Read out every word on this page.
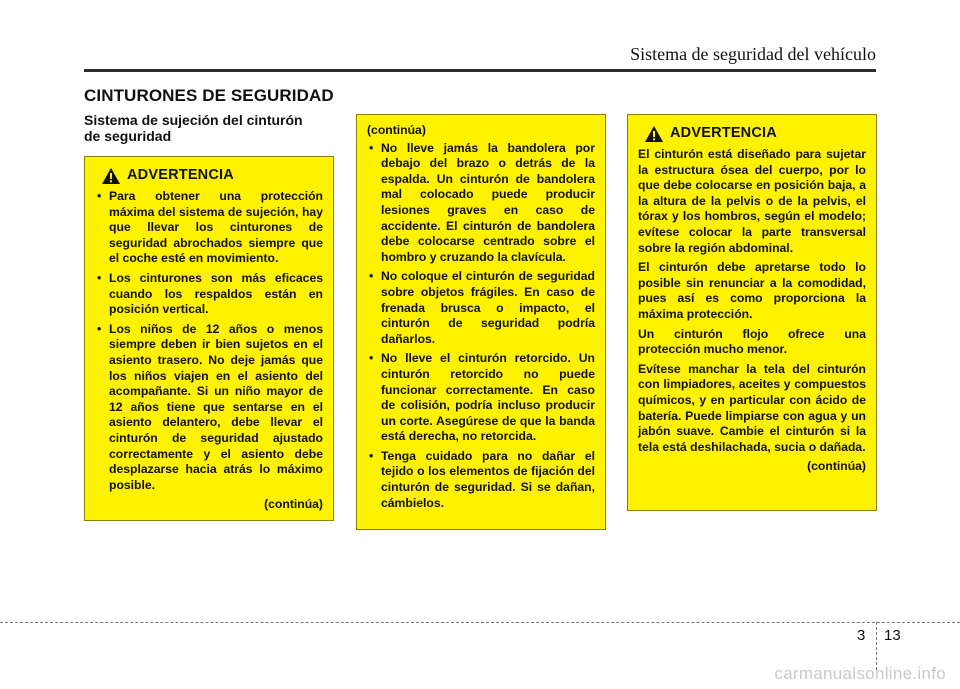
Sistema de seguridad del vehículo
CINTURONES DE SEGURIDAD
Sistema de sujeción del cinturón
de seguridad
ADVERTENCIA
• Para obtener una protección máxima del sistema de sujeción, hay que llevar los cinturones de seguridad abrochados siempre que el coche esté en movimiento.
• Los cinturones son más eficaces cuando los respaldos están en posición vertical.
• Los niños de 12 años o menos siempre deben ir bien sujetos en el asiento trasero. No deje jamás que los niños viajen en el asiento del acompañante. Si un niño mayor de 12 años tiene que sentarse en el asiento delantero, debe llevar el cinturón de seguridad ajustado correctamente y el asiento debe desplazarse hacia atrás lo máximo posible.
(continúa)
(continúa)
• No lleve jamás la bandolera por debajo del brazo o detrás de la espalda. Un cinturón de bandolera mal colocado puede producir lesiones graves en caso de accidente. El cinturón de bandolera debe colocarse centrado sobre el hombro y cruzando la clavícula.
• No coloque el cinturón de seguridad sobre objetos frágiles. En caso de frenada brusca o impacto, el cinturón de seguridad podría dañarlos.
• No lleve el cinturón retorcido. Un cinturón retorcido no puede funcionar correctamente. En caso de colisión, podría incluso producir un corte. Asegúrese de que la banda está derecha, no retorcida.
• Tenga cuidado para no dañar el tejido o los elementos de fijación del cinturón de seguridad. Si se dañan, cámbielos.
ADVERTENCIA

El cinturón está diseñado para sujetar la estructura ósea del cuerpo, por lo que debe colocarse en posición baja, a la altura de la pelvis o de la pelvis, el tórax y los hombros, según el modelo; evítese colocar la parte transversal sobre la región abdominal.

El cinturón debe apretarse todo lo posible sin renunciar a la comodidad, pues así es como proporciona la máxima protección.

Un cinturón flojo ofrece una protección mucho menor.

Evítese manchar la tela del cinturón con limpiadores, aceites y compuestos químicos, y en particular con ácido de batería. Puede limpiarse con agua y un jabón suave. Cambie el cinturón si la tela está deshilachada, sucia o dañada.

(continúa)
3 13
carmanualsonline.info
